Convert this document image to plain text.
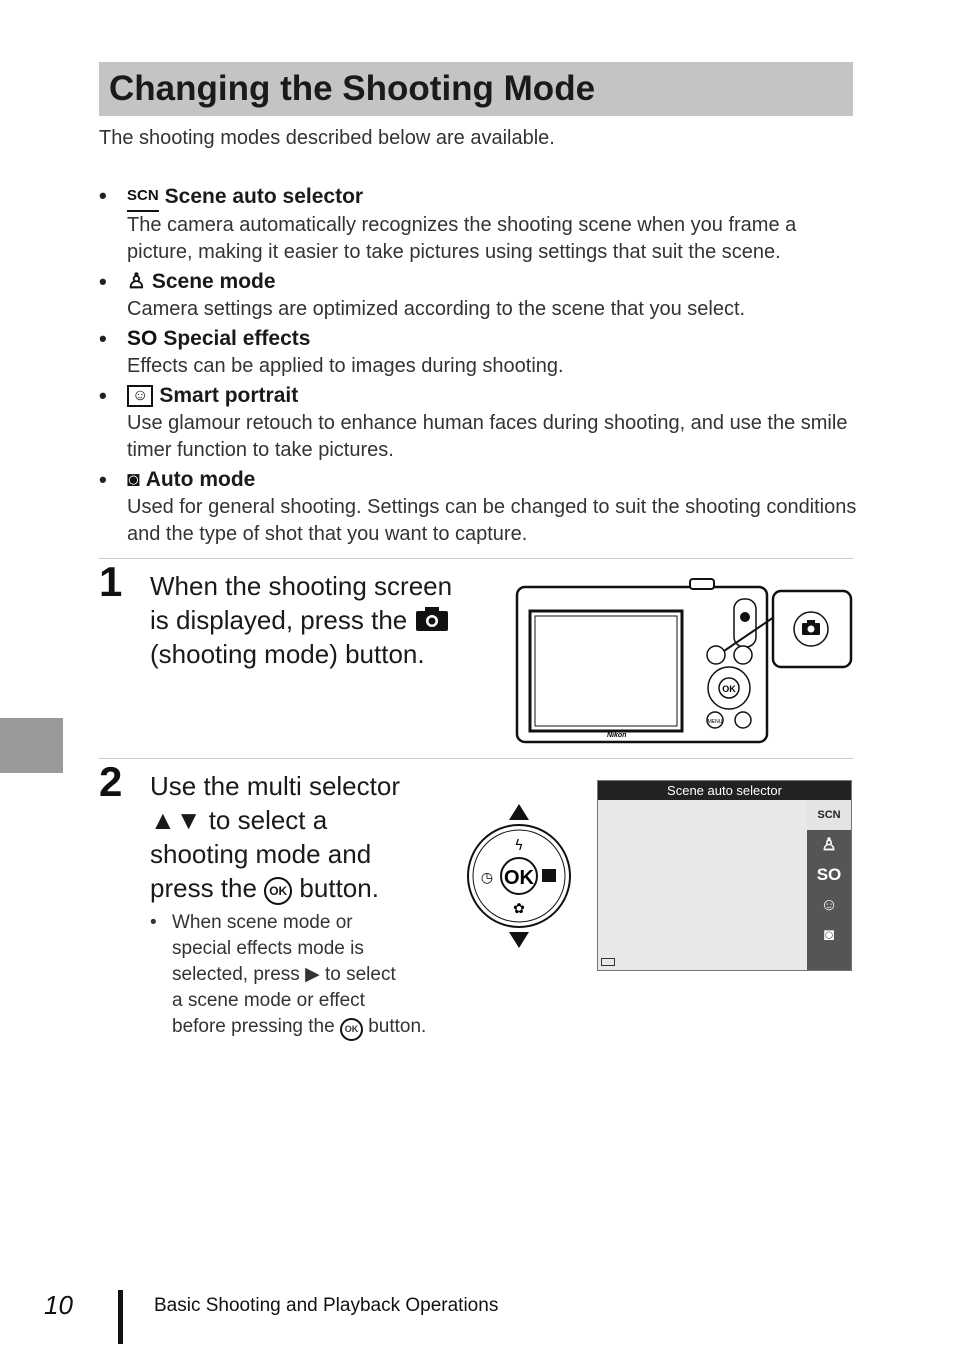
Changing the Shooting Mode
The shooting modes described below are available.
• SCN Scene auto selector
The camera automatically recognizes the shooting scene when you frame a picture, making it easier to take pictures using settings that suit the scene.
• ♙ Scene mode
Camera settings are optimized according to the scene that you select.
• SO Special effects
Effects can be applied to images during shooting.
•	☺ Smart portrait
Use glamour retouch to enhance human faces during shooting, and use the smile timer function to take pictures.
• ◙ Auto mode
Used for general shooting. Settings can be changed to suit the shooting conditions and the type of shot that you want to capture.
1 When the shooting screen
is displayed, press the
(shooting mode) button.
OK
MENU
Nikon
2 Use the multi selector
▲▼ to select a
shooting mode and
press the OK button.
• When scene mode or
special effects mode is
selected, press ▶ to select
a scene mode or effect
before pressing the OK button.
OK
ϟ
◷
✿
Scene auto selector
SCN
♙
SO
☺
◙
10	Basic Shooting and Playback Operations
